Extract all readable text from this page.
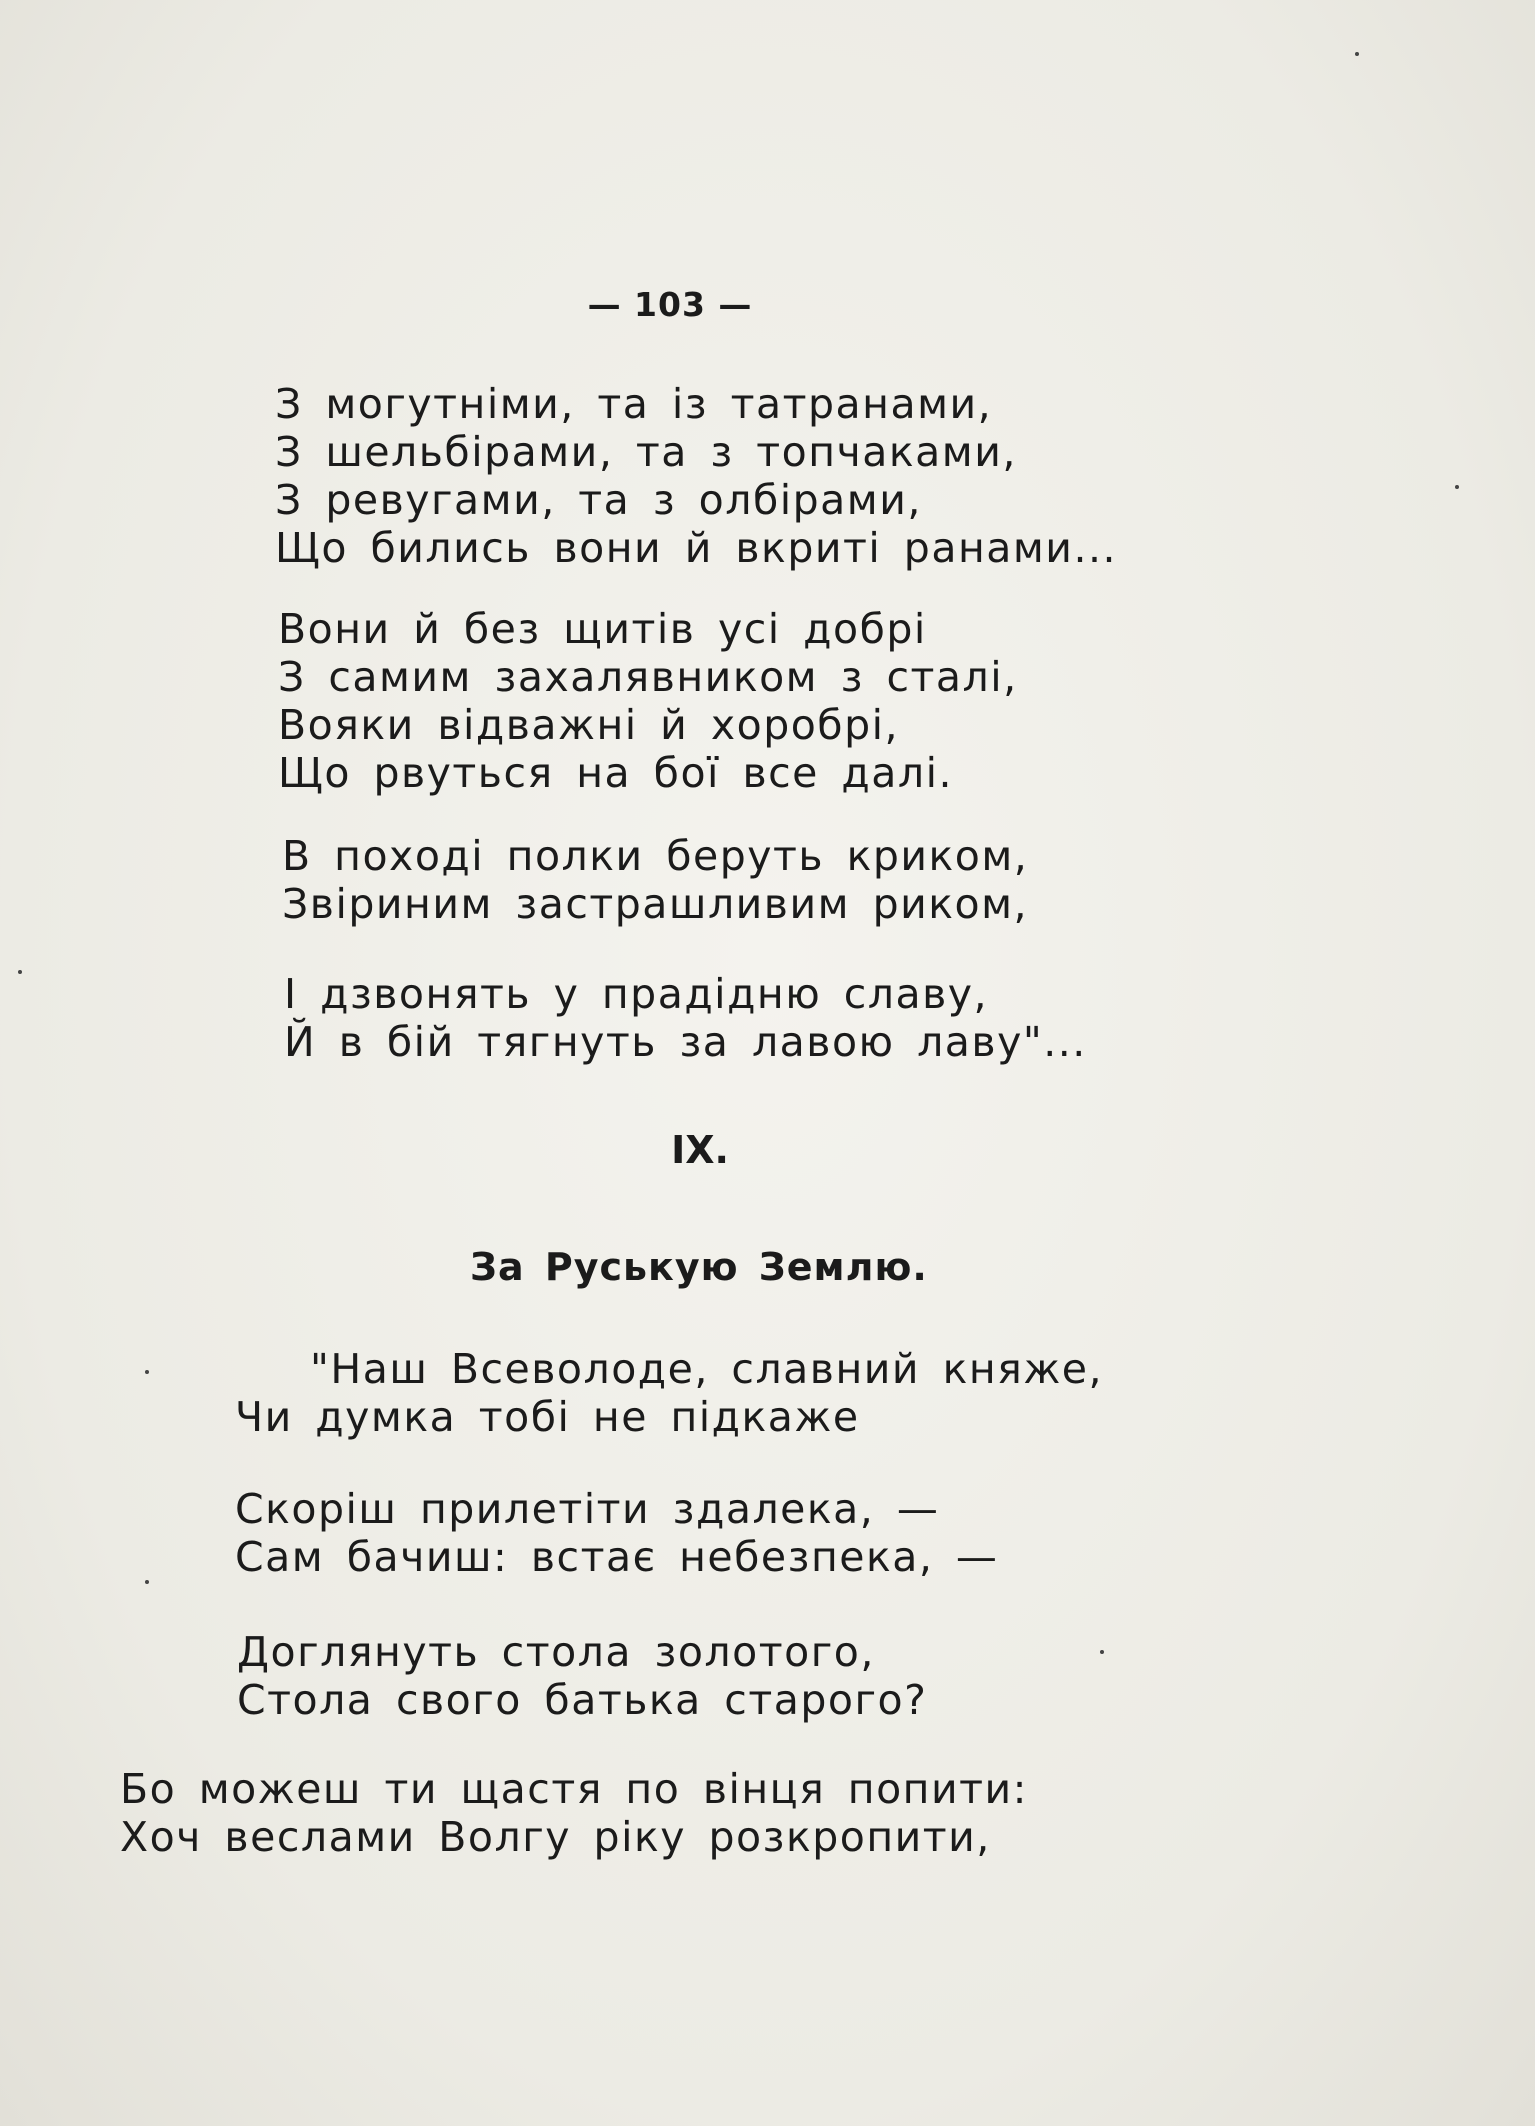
— 103 —
З могутніми, та із татранами,
З шельбірами, та з топчаками,
З ревугами, та з олбірами,
Що бились вони й вкриті ранами...
Вони й без щитів усі добрі
З самим захалявником з сталі,
Вояки відважні й хоробрі,
Що рвуться на бої все далі.
В поході полки беруть криком,
Звіриним застрашливим риком,
І дзвонять у прадідню славу,
Й в бій тягнуть за лавою лаву"...
IX.
За Руськую Землю.
"Наш Всеволоде, славний княже,
Чи думка тобі не підкаже
Скоріш прилетіти здалека, —
Сам бачиш: встає небезпека, —
Доглянуть стола золотого,
Стола свого батька старого?
Бо можеш ти щастя по вінця попити:
Хоч веслами Волгу ріку розкропити,
